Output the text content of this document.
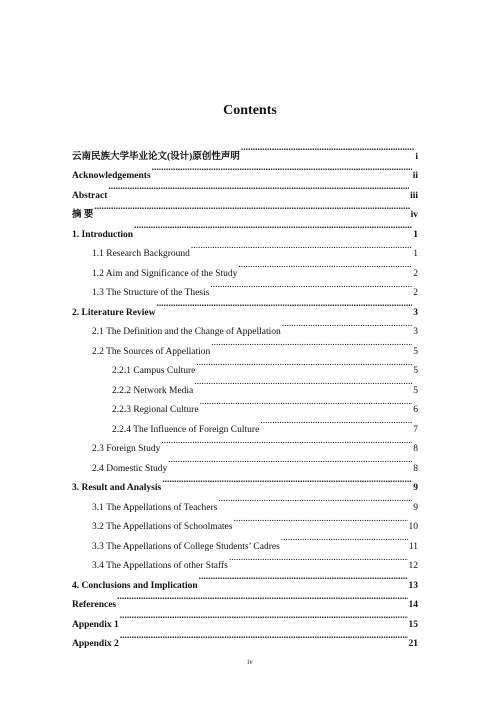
Contents
云南民族大学毕业论文(设计)原创性声明 .....	i
Acknowledgements .....	ii
Abstract .....	iii
摘 要 .....	iv
1. Introduction .....	1
1.1 Research Background .....	1
1.2 Aim and Significance of the Study .....	2
1.3 The Structure of the Thesis .....	2
2. Literature Review .....	3
2.1 The Definition and the Change of Appellation .....	3
2.2 The Sources of Appellation .....	5
2.2.1 Campus Culture .....	5
2.2.2 Network Media .....	5
2.2.3 Regional Culture .....	6
2.2.4 The Influence of Foreign Culture .....	7
2.3 Foreign Study .....	8
2.4 Domestic Study .....	8
3. Result and Analysis .....	9
3.1 The Appellations of Teachers .....	9
3.2 The Appellations of Schoolmates .....	10
3.3 The Appellations of College Students’ Cadres .....	11
3.4 The Appellations of other Staffs .....	12
4. Conclusions and Implication .....	13
References .....	14
Appendix 1 .....	15
Appendix 2 .....	21
iv
